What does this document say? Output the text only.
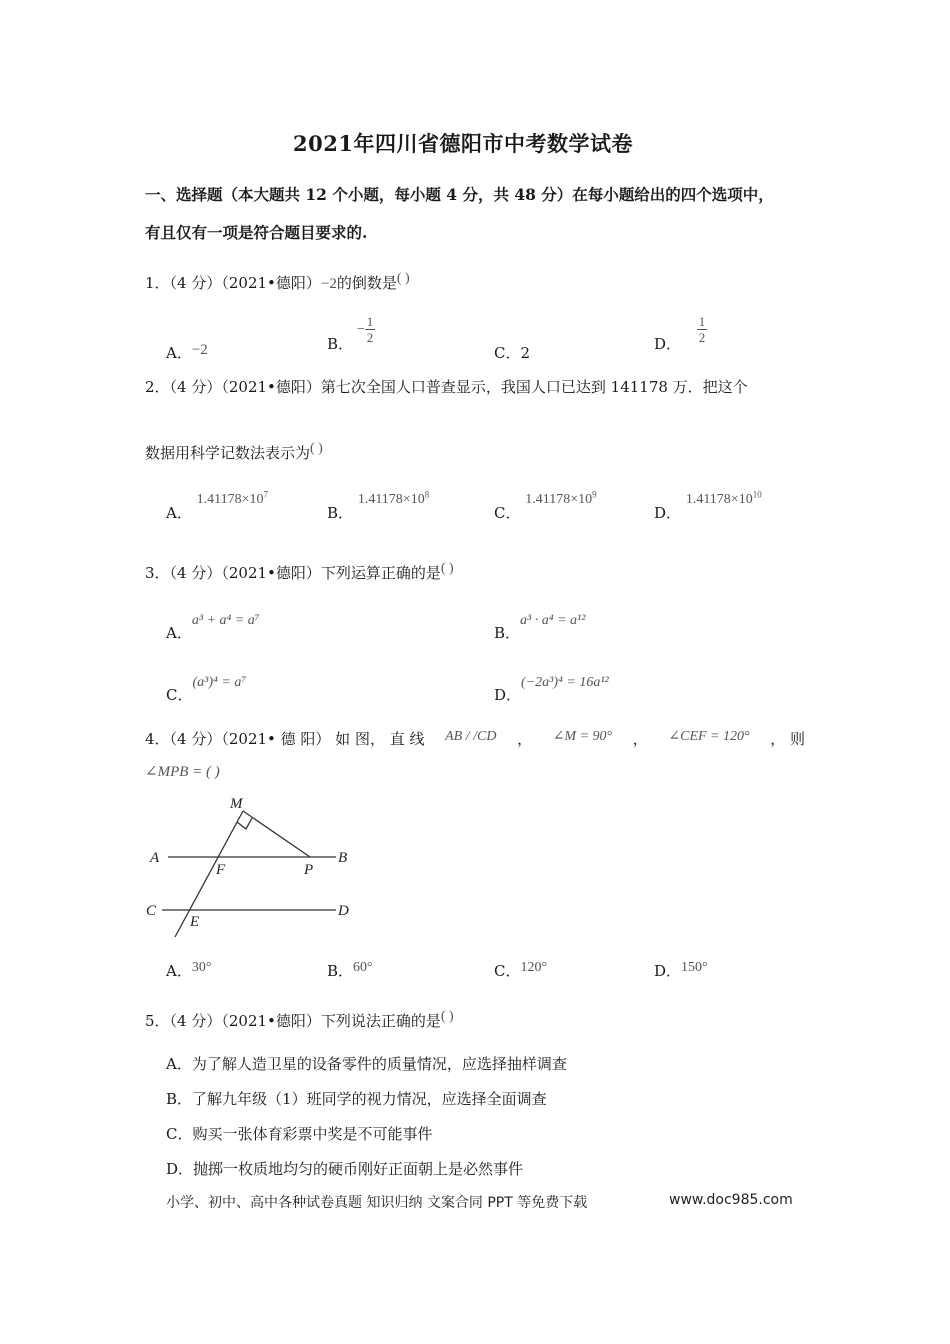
2021年四川省德阳市中考数学试卷
一、选择题（本大题共 12 个小题，每小题 4 分，共 48 分）在每小题给出的四个选项中，
有且仅有一项是符合题目要求的.
1．（4 分）（2021•德阳）−2的倒数是( )
A．−2	B．
− $\frac{1}{2}$
C．2	D． $\frac{1}{2}$
2．（4 分）（2021•德阳）第七次全国人口普查显示，我国人口已达到 141178 万．把这个
数据用科学记数法表示为( )
A． $1.41178\times 10^7$
B． $1.41178\times 10^8$
C． $1.41178\times 10^9$
D． $1.41178\times 10^{10}$
3．（4 分）（2021•德阳）下列运算正确的是( )
A．a³ + a⁴ = a⁷
B．a³ · a⁴ = a¹²
C．(a³)⁴ = a⁷
D．(−2a³)⁴ = 16a¹²
4．（4 分）（2021• 德 阳） 如 图， 直 线 AB / /CD ， ∠M = 90° ， ∠CEF = 120° ， 则
∠MPB = ( )
M
A
F	P
B
C
E
D
A．30°	B．60°	C．120°	D．150°
5．（4 分）（2021•德阳）下列说法正确的是( )
A．为了解人造卫星的设备零件的质量情况，应选择抽样调查
B．了解九年级（1）班同学的视力情况，应选择全面调查
C．购买一张体育彩票中奖是不可能事件
D．抛掷一枚质地均匀的硬币刚好正面朝上是必然事件
小学、初中、高中各种试卷真题 知识归纳 文案合同 PPT 等免费下载	www.doc985.com
